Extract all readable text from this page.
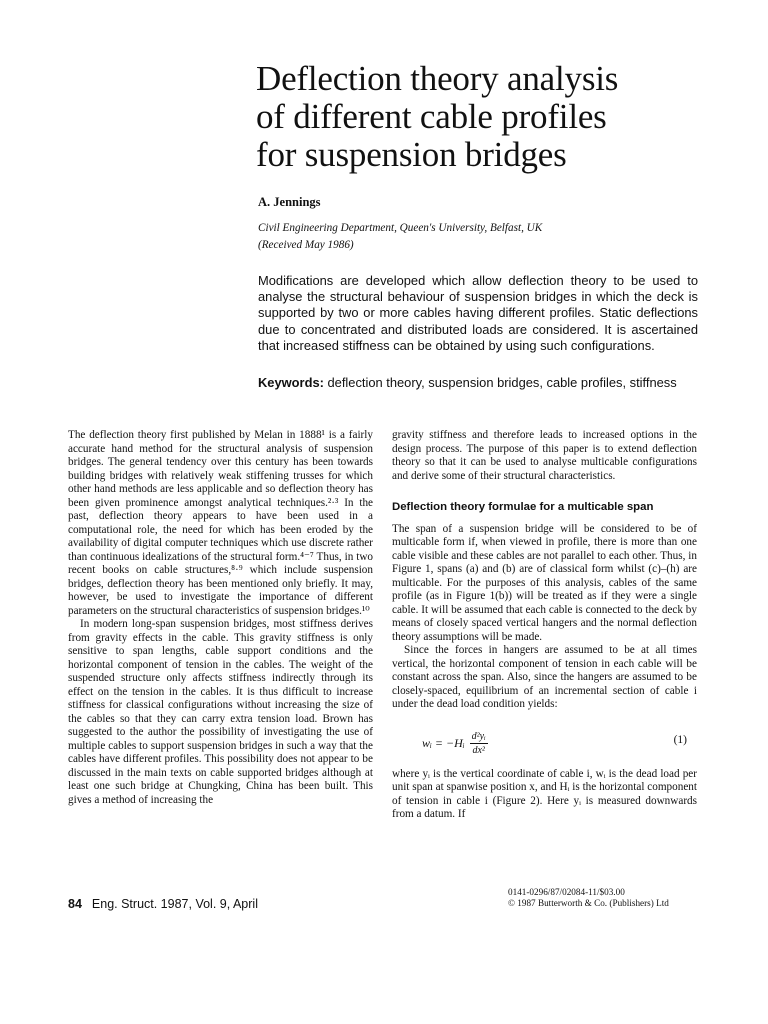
Deflection theory analysis
of different cable profiles
for suspension bridges
A. Jennings
Civil Engineering Department, Queen's University, Belfast, UK
(Received May 1986)
Modifications are developed which allow deflection theory to be used to analyse the structural behaviour of suspension bridges in which the deck is supported by two or more cables having different profiles. Static deflections due to concentrated and distributed loads are considered. It is ascertained that increased stiffness can be obtained by using such configurations.
Keywords: deflection theory, suspension bridges, cable profiles, stiffness

The deflection theory first published by Melan in 1888¹ is a fairly accurate hand method for the structural analysis of suspension bridges. The general tendency over this century has been towards building bridges with relatively weak stiffening trusses for which other hand methods are less applicable and so deflection theory has been given prominence amongst analytical techniques.²·³ In the past, deflection theory appears to have been used in a computational role, the need for which has been eroded by the availability of digital computer techniques which use discrete rather than continuous idealizations of the structural form.⁴⁻⁷ Thus, in two recent books on cable structures,⁸·⁹ which include suspension bridges, deflection theory has been mentioned only briefly. It may, however, be used to investigate the importance of different parameters on the structural characteristics of suspension bridges.¹⁰

In modern long-span suspension bridges, most stiffness derives from gravity effects in the cable. This gravity stiffness is only sensitive to span lengths, cable support conditions and the horizontal component of tension in the cables. The weight of the suspended structure only affects stiffness indirectly through its effect on the tension in the cables. It is thus difficult to increase stiffness for classical configurations without increasing the size of the cables so that they can carry extra tension load. Brown has suggested to the author the possibility of investigating the use of multiple cables to support suspension bridges in such a way that the cables have different profiles. This possibility does not appear to be discussed in the main texts on cable supported bridges although at least one such bridge at Chungking, China has been built. This gives a method of increasing the

gravity stiffness and therefore leads to increased options in the design process. The purpose of this paper is to extend deflection theory so that it can be used to analyse multicable configurations and derive some of their structural characteristics.

Deflection theory formulae for a multicable span

The span of a suspension bridge will be considered to be of multicable form if, when viewed in profile, there is more than one cable visible and these cables are not parallel to each other. Thus, in Figure 1, spans (a) and (b) are of classical form whilst (c)–(h) are multicable. For the purposes of this analysis, cables of the same profile (as in Figure 1(b)) will be treated as if they were a single cable. It will be assumed that each cable is connected to the deck by means of closely spaced vertical hangers and the normal deflection theory assumptions will be made.

Since the forces in hangers are assumed to be at all times vertical, the horizontal component of tension in each cable will be constant across the span. Also, since the hangers are assumed to be closely-spaced, equilibrium of an incremental section of cable i under the dead load condition yields:

wᵢ = −Hᵢ $\frac{\text{d²yᵢ}}{\text{dx²}}$	(1)

where yᵢ is the vertical coordinate of cable i, wᵢ is the dead load per unit span at spanwise position x, and Hᵢ is the horizontal component of tension in cable i (Figure 2). Here yᵢ is measured downwards from a datum. If

84 Eng. Struct. 1987, Vol. 9, April
0141-0296/87/02084-11/$03.00
© 1987 Butterworth & Co. (Publishers) Ltd
